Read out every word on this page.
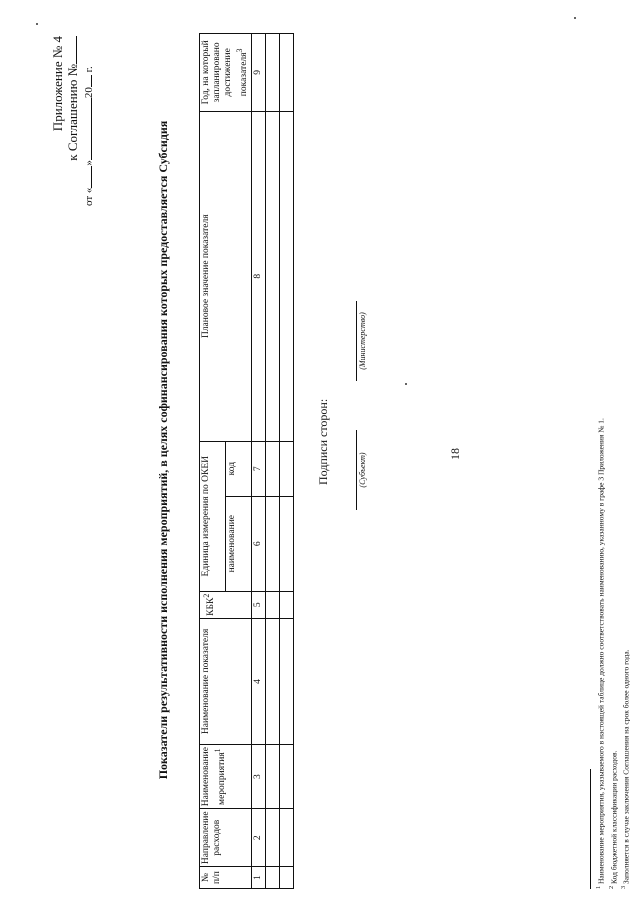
18
Приложение № 4 к Соглашению №
от «»20 г.
Показатели результативности исполнения мероприятий, в целях софинансирования которых предоставляется Субсидия
№ п/п	Направление расходов	Наименование мероприятия$^1$	Наименование показателя	КБК$^2$	Единица измерения по ОКЕИ		Плановое значение показателя	Год, на который запланировано достижение показателя$^3$
					наименование	код		
1	2	3	4	5	6	7	8	9

Подписи сторон:	(Субъект)
(Министерство)
$^1$ Наименование мероприятия, указываемого в настоящей таблице должно соответствовать наименованию, указанному в графе 3 Приложения № 1.
$^2$ Код бюджетной классификации расходов.
$^3$ Заполняется в случае заключения Соглашения на срок более одного года.
